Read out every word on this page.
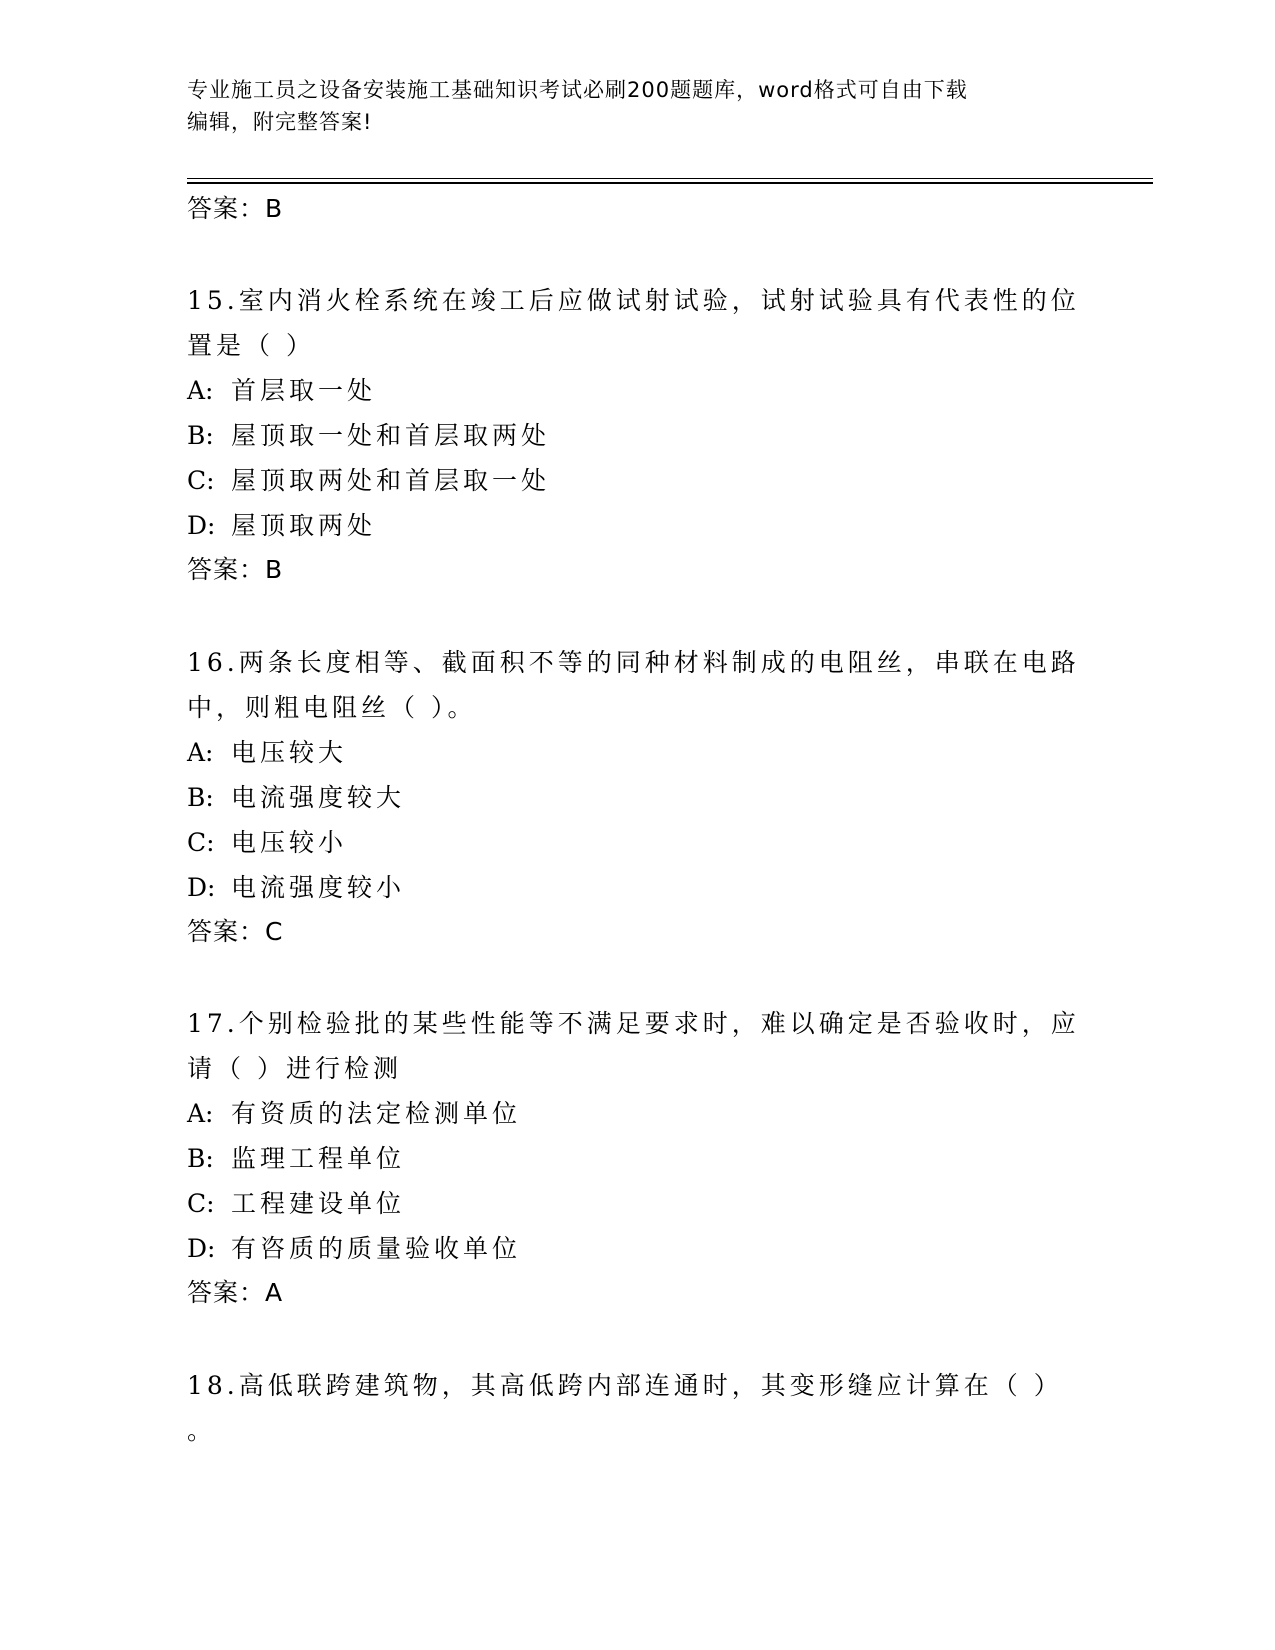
专业施工员之设备安装施工基础知识考试必刷200题题库，word格式可自由下载
编辑，附完整答案!
答案：B
15.室内消火栓系统在竣工后应做试射试验，试射试验具有代表性的位
置是（ ）
A: 首层取一处
B: 屋顶取一处和首层取两处
C: 屋顶取两处和首层取一处
D: 屋顶取两处
答案：B
16.两条长度相等、截面积不等的同种材料制成的电阻丝，串联在电路
中，则粗电阻丝（ ）。
A: 电压较大
B: 电流强度较大
C: 电压较小
D: 电流强度较小
答案：C
17.个别检验批的某些性能等不满足要求时，难以确定是否验收时，应
请（ ）进行检测
A: 有资质的法定检测单位
B: 监理工程单位
C: 工程建设单位
D: 有咨质的质量验收单位
答案：A
18.高低联跨建筑物，其高低跨内部连通时，其变形缝应计算在（ ）
。
